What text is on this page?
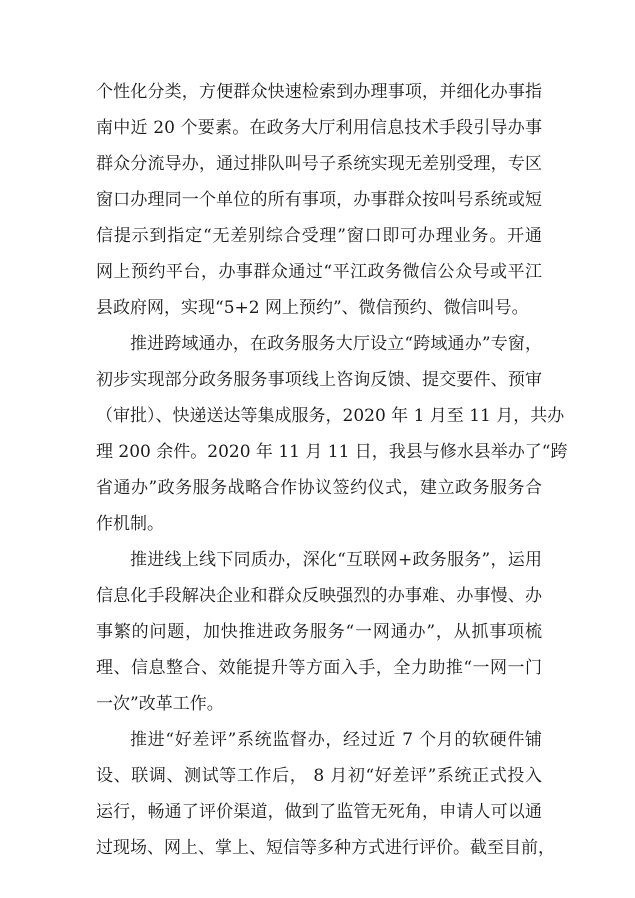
个性化分类，方便群众快速检索到办理事项，并细化办事指
南中近 20 个要素。在政务大厅利用信息技术手段引导办事
群众分流导办，通过排队叫号子系统实现无差别受理，专区
窗口办理同一个单位的所有事项，办事群众按叫号系统或短
信提示到指定“无差别综合受理”窗口即可办理业务。开通
网上预约平台，办事群众通过“平江政务微信公众号或平江
县政府网，实现“5+2 网上预约”、微信预约、微信叫号。
推进跨域通办，在政务服务大厅设立“跨域通办”专窗，
初步实现部分政务服务事项线上咨询反馈、提交要件、预审
（审批）、快递送达等集成服务，2020 年 1 月至 11 月，共办
理 200 余件。2020 年 11 月 11 日，我县与修水县举办了“跨
省通办”政务服务战略合作协议签约仪式，建立政务服务合
作机制。
推进线上线下同质办，深化“互联网+政务服务”，运用
信息化手段解决企业和群众反映强烈的办事难、办事慢、办
事繁的问题，加快推进政务服务“一网通办”，从抓事项梳
理、信息整合、效能提升等方面入手，全力助推“一网一门
一次”改革工作。
推进“好差评”系统监督办，经过近 7 个月的软硬件铺
设、联调、测试等工作后， 8 月初“好差评”系统正式投入
运行，畅通了评价渠道，做到了监管无死角，申请人可以通
过现场、网上、掌上、短信等多种方式进行评价。截至目前，
